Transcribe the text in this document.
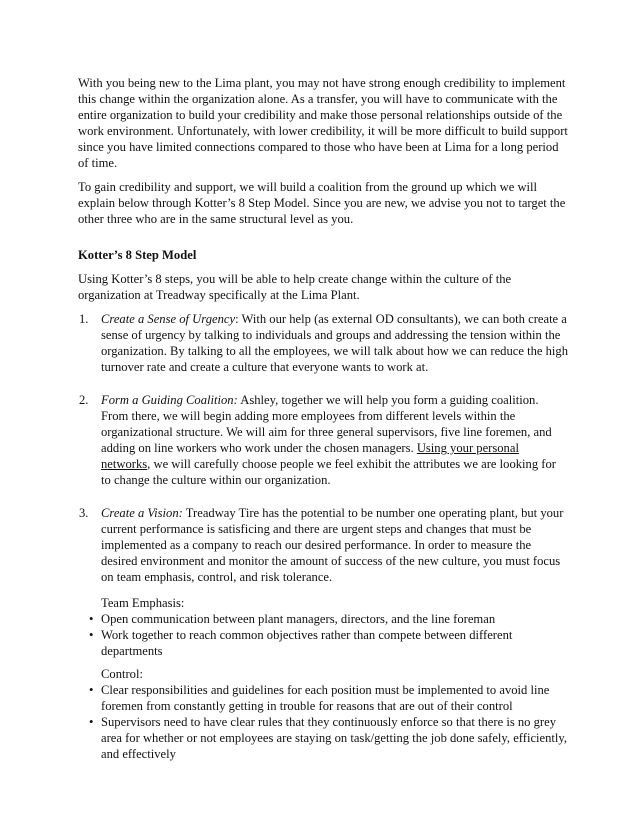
With you being new to the Lima plant, you may not have strong enough credibility to implement this change within the organization alone. As a transfer, you will have to communicate with the entire organization to build your credibility and make those personal relationships outside of the work environment. Unfortunately, with lower credibility, it will be more difficult to build support since you have limited connections compared to those who have been at Lima for a long period of time.

To gain credibility and support, we will build a coalition from the ground up which we will explain below through Kotter’s 8 Step Model. Since you are new, we advise you not to target the other three who are in the same structural level as you.

Kotter’s 8 Step Model

Using Kotter’s 8 steps, you will be able to help create change within the culture of the organization at Treadway specifically at the Lima Plant.

1. Create a Sense of Urgency: With our help (as external OD consultants), we can both create a sense of urgency by talking to individuals and groups and addressing the tension within the organization. By talking to all the employees, we will talk about how we can reduce the high turnover rate and create a culture that everyone wants to work at.
2. Form a Guiding Coalition: Ashley, together we will help you form a guiding coalition. From there, we will begin adding more employees from different levels within the organizational structure. We will aim for three general supervisors, five line foremen, and adding on line workers who work under the chosen managers. Using your personal networks, we will carefully choose people we feel exhibit the attributes we are looking for to change the culture within our organization.
3. Create a Vision: Treadway Tire has the potential to be number one operating plant, but your current performance is satisficing and there are urgent steps and changes that must be implemented as a company to reach our desired performance. In order to measure the desired environment and monitor the amount of success of the new culture, you must focus on team emphasis, control, and risk tolerance.

Team Emphasis:

• Open communication between plant managers, directors, and the line foreman
• Work together to reach common objectives rather than compete between different departments

Control:

• Clear responsibilities and guidelines for each position must be implemented to avoid line foremen from constantly getting in trouble for reasons that are out of their control
• Supervisors need to have clear rules that they continuously enforce so that there is no grey area for whether or not employees are staying on task/getting the job done safely, efficiently, and effectively
